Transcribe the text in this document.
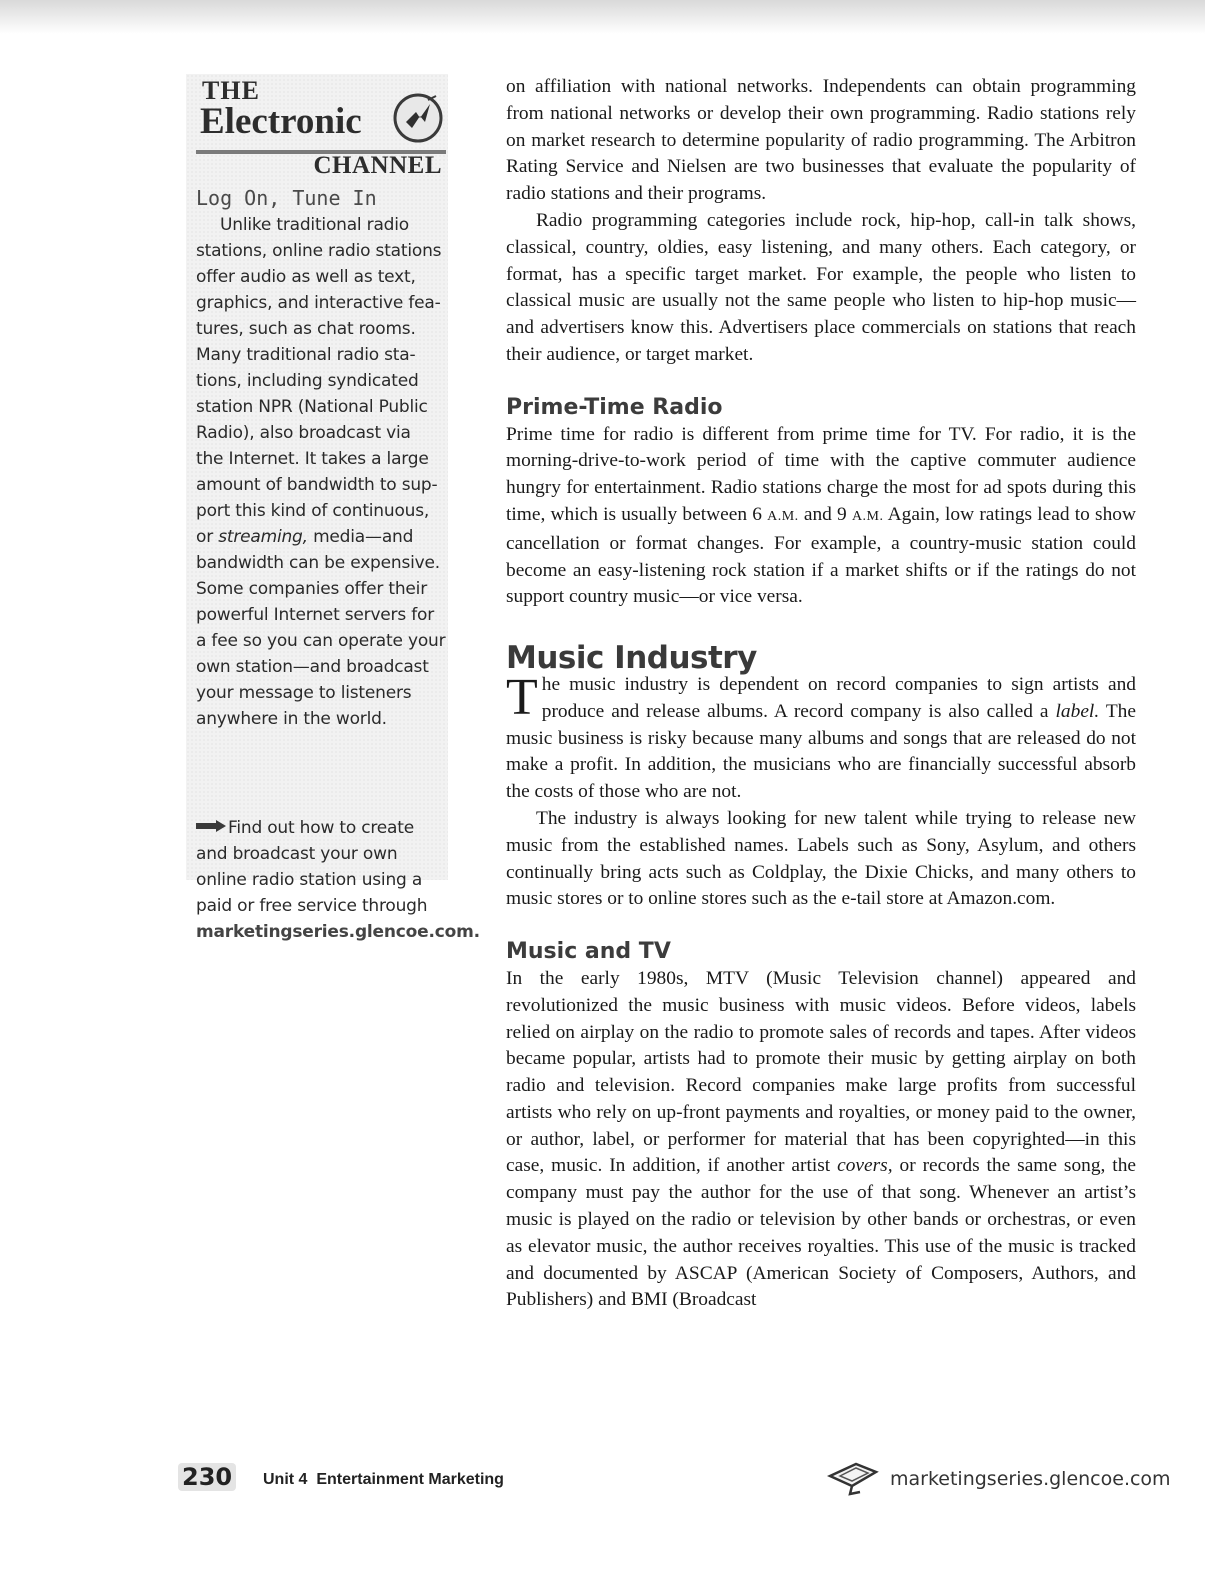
THE
Electronic
CHANNEL
Log On, Tune In
Unlike traditional radio
stations, online radio stations
offer audio as well as text,
graphics, and interactive fea-
tures, such as chat rooms.
Many traditional radio sta-
tions, including syndicated
station NPR (National Public
Radio), also broadcast via
the Internet. It takes a large
amount of bandwidth to sup-
port this kind of continuous,
or streaming, media—and
bandwidth can be expensive.
Some companies offer their
powerful Internet servers for
a fee so you can operate your
own station—and broadcast
your message to listeners
anywhere in the world.
Find out how to create
and broadcast your own
online radio station using a
paid or free service through
marketingseries.glencoe.com.

on affiliation with national networks. Independents can obtain programming from national networks or develop their own programming. Radio stations rely on market research to determine popularity of radio programming. The Arbitron Rating Service and Nielsen are two businesses that evaluate the popularity of radio stations and their programs.

Radio programming categories include rock, hip-hop, call-in talk shows, classical, country, oldies, easy listening, and many others. Each category, or format, has a specific target market. For example, the people who listen to classical music are usually not the same people who listen to hip-hop music—and advertisers know this. Advertisers place commercials on stations that reach their audience, or target market.

Prime-Time Radio

Prime time for radio is different from prime time for TV. For radio, it is the morning-drive-to-work period of time with the captive commuter audience hungry for entertainment. Radio stations charge the most for ad spots during this time, which is usually between 6 A.M. and 9 A.M. Again, low ratings lead to show cancellation or format changes. For example, a country-music station could become an easy-listening rock station if a market shifts or if the ratings do not support country music—or vice versa.

Music Industry

The music industry is dependent on record companies to sign artists and produce and release albums. A record company is also called a label. The music business is risky because many albums and songs that are released do not make a profit. In addition, the musicians who are financially successful absorb the costs of those who are not.

The industry is always looking for new talent while trying to release new music from the established names. Labels such as Sony, Asylum, and others continually bring acts such as Coldplay, the Dixie Chicks, and many others to music stores or to online stores such as the e-tail store at Amazon.com.

Music and TV

In the early 1980s, MTV (Music Television channel) appeared and revolutionized the music business with music videos. Before videos, labels relied on airplay on the radio to promote sales of records and tapes. After videos became popular, artists had to promote their music by getting airplay on both radio and television. Record companies make large profits from successful artists who rely on up-front payments and royalties, or money paid to the owner, or author, label, or performer for material that has been copyrighted—in this case, music. In addition, if another artist covers, or records the same song, the company must pay the author for the use of that song. Whenever an artist’s music is played on the radio or television by other bands or orchestras, or even as elevator music, the author receives royalties. This use of the music is tracked and documented by ASCAP (American Society of Composers, Authors, and Publishers) and BMI (Broadcast

230 Unit 4 Entertainment Marketing	marketingseries.glencoe.com
